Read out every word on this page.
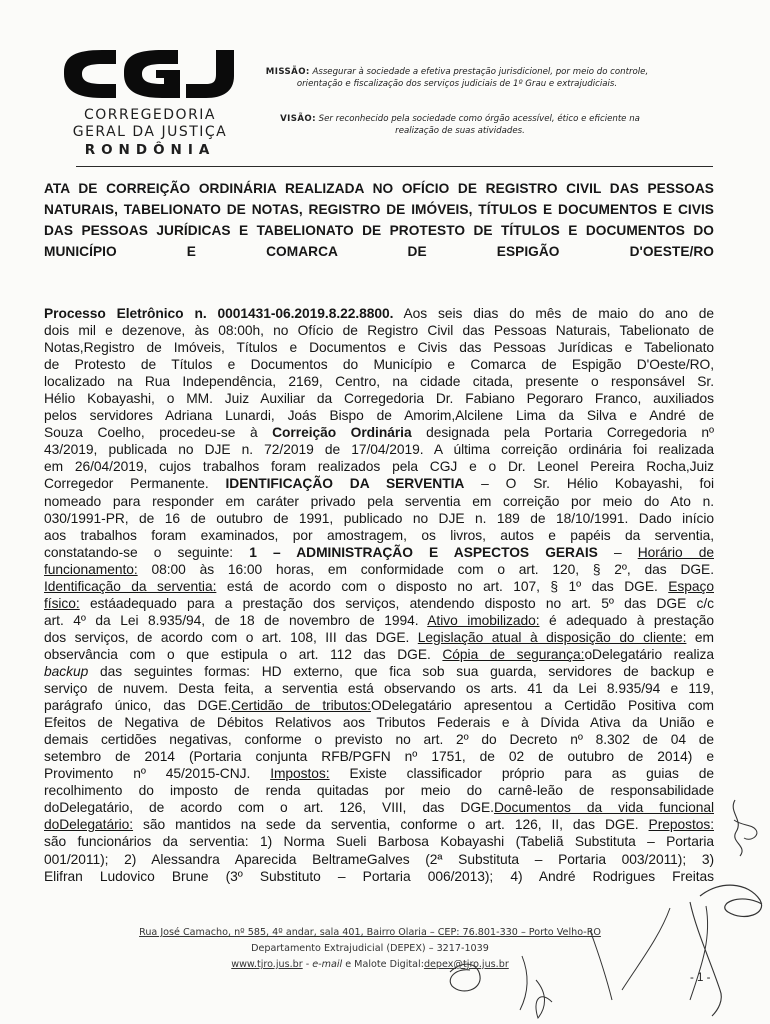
CORREGEDORIA
GERAL DA JUSTIÇA
RONDÔNIA
MISSÃO: Assegurar à sociedade a efetiva prestação jurisdicionel, por meio do controle, orientação e fiscalização dos serviços judiciais de 1º Grau e extrajudiciais.
VISÃO: Ser reconhecido pela sociedade como órgão acessível, ético e eficiente na realização de suas atividades.
ATA DE CORREIÇÃO ORDINÁRIA REALIZADA NO OFÍCIO DE REGISTRO CIVIL DAS PESSOAS NATURAIS, TABELIONATO DE NOTAS, REGISTRO DE IMÓVEIS, TÍTULOS E DOCUMENTOS E CIVIS DAS PESSOAS JURÍDICAS E TABELIONATO DE PROTESTO DE TÍTULOS E DOCUMENTOS DO MUNICÍPIO E COMARCA DE ESPIGÃO D'OESTE/RO
Processo Eletrônico n. 0001431-06.2019.8.22.8800. Aos seis dias do mês de maio do ano de
dois mil e dezenove, às 08:00h, no Ofício de Registro Civil das Pessoas Naturais, Tabelionato de
Notas,Registro de Imóveis, Títulos e Documentos e Civis das Pessoas Jurídicas e Tabelionato
de Protesto de Títulos e Documentos do Município e Comarca de Espigão D'Oeste/RO,
localizado na Rua Independência, 2169, Centro, na cidade citada, presente o responsável Sr.
Hélio Kobayashi, o MM. Juiz Auxiliar da Corregedoria Dr. Fabiano Pegoraro Franco, auxiliados
pelos servidores Adriana Lunardi, Joás Bispo de Amorim,Alcilene Lima da Silva e André de
Souza Coelho, procedeu-se à Correição Ordinária designada pela Portaria Corregedoria nº
43/2019, publicada no DJE n. 72/2019 de 17/04/2019. A última correição ordinária foi realizada
em 26/04/2019, cujos trabalhos foram realizados pela CGJ e o Dr. Leonel Pereira Rocha,Juiz
Corregedor Permanente. IDENTIFICAÇÃO DA SERVENTIA – O Sr. Hélio Kobayashi, foi
nomeado para responder em caráter privado pela serventia em correição por meio do Ato n.
030/1991-PR, de 16 de outubro de 1991, publicado no DJE n. 189 de 18/10/1991. Dado início
aos trabalhos foram examinados, por amostragem, os livros, autos e papéis da serventia,
constatando-se o seguinte: 1 – ADMINISTRAÇÃO E ASPECTOS GERAIS – Horário de
funcionamento: 08:00 às 16:00 horas, em conformidade com o art. 120, § 2º, das DGE.
Identificação da serventia: está de acordo com o disposto no art. 107, § 1º das DGE. Espaço
físico: estáadequado para a prestação dos serviços, atendendo disposto no art. 5º das DGE c/c
art. 4º da Lei 8.935/94, de 18 de novembro de 1994. Ativo imobilizado: é adequado à prestação
dos serviços, de acordo com o art. 108, III das DGE. Legislação atual à disposição do cliente: em
observância com o que estipula o art. 112 das DGE. Cópia de segurança:oDelegatário realiza
backup das seguintes formas: HD externo, que fica sob sua guarda, servidores de backup e
serviço de nuvem. Desta feita, a serventia está observando os arts. 41 da Lei 8.935/94 e 119,
parágrafo único, das DGE.Certidão de tributos:ODelegatário apresentou a Certidão Positiva com
Efeitos de Negativa de Débitos Relativos aos Tributos Federais e à Dívida Ativa da União e
demais certidões negativas, conforme o previsto no art. 2º do Decreto nº 8.302 de 04 de
setembro de 2014 (Portaria conjunta RFB/PGFN nº 1751, de 02 de outubro de 2014) e
Provimento nº 45/2015-CNJ. Impostos: Existe classificador próprio para as guias de
recolhimento do imposto de renda quitadas por meio do carnê-leão de responsabilidade
doDelegatário, de acordo com o art. 126, VIII, das DGE.Documentos da vida funcional
doDelegatário: são mantidos na sede da serventia, conforme o art. 126, II, das DGE. Prepostos:
são funcionários da serventia: 1) Norma Sueli Barbosa Kobayashi (Tabeliã Substituta – Portaria
001/2011); 2) Alessandra Aparecida BeltrameGalves (2ª Substituta – Portaria 003/2011); 3)
Elifran Ludovico Brune (3º Substituto – Portaria 006/2013); 4) André Rodrigues Freitas
Rua José Camacho, nº 585, 4º andar, sala 401, Bairro Olaria – CEP: 76.801-330 – Porto Velho-RO
Departamento Extrajudicial (DEPEX) – 3217-1039
www.tjro.jus.br - e-mail e Malote Digital:depex@tjro.jus.br
- 1 -
